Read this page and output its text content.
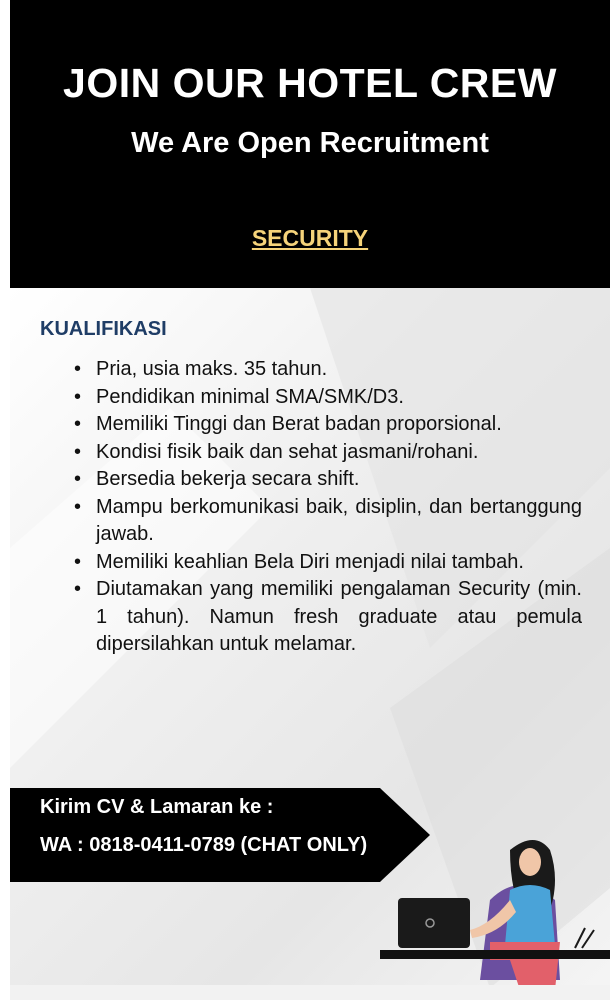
JOIN OUR HOTEL CREW
We Are Open Recruitment
SECURITY
KUALIFIKASI
• Pria, usia maks. 35 tahun.
• Pendidikan minimal SMA/SMK/D3.
• Memiliki Tinggi dan Berat badan proporsional.
• Kondisi fisik baik dan sehat jasmani/rohani.
• Bersedia bekerja secara shift.
• Mampu berkomunikasi baik, disiplin, dan bertanggung jawab.
• Memiliki keahlian Bela Diri menjadi nilai tambah.
• Diutamakan yang memiliki pengalaman Security (min. 1 tahun). Namun fresh graduate atau pemula dipersilahkan untuk melamar.
Kirim CV & Lamaran ke :
WA : 0818-0411-0789 (CHAT ONLY)
